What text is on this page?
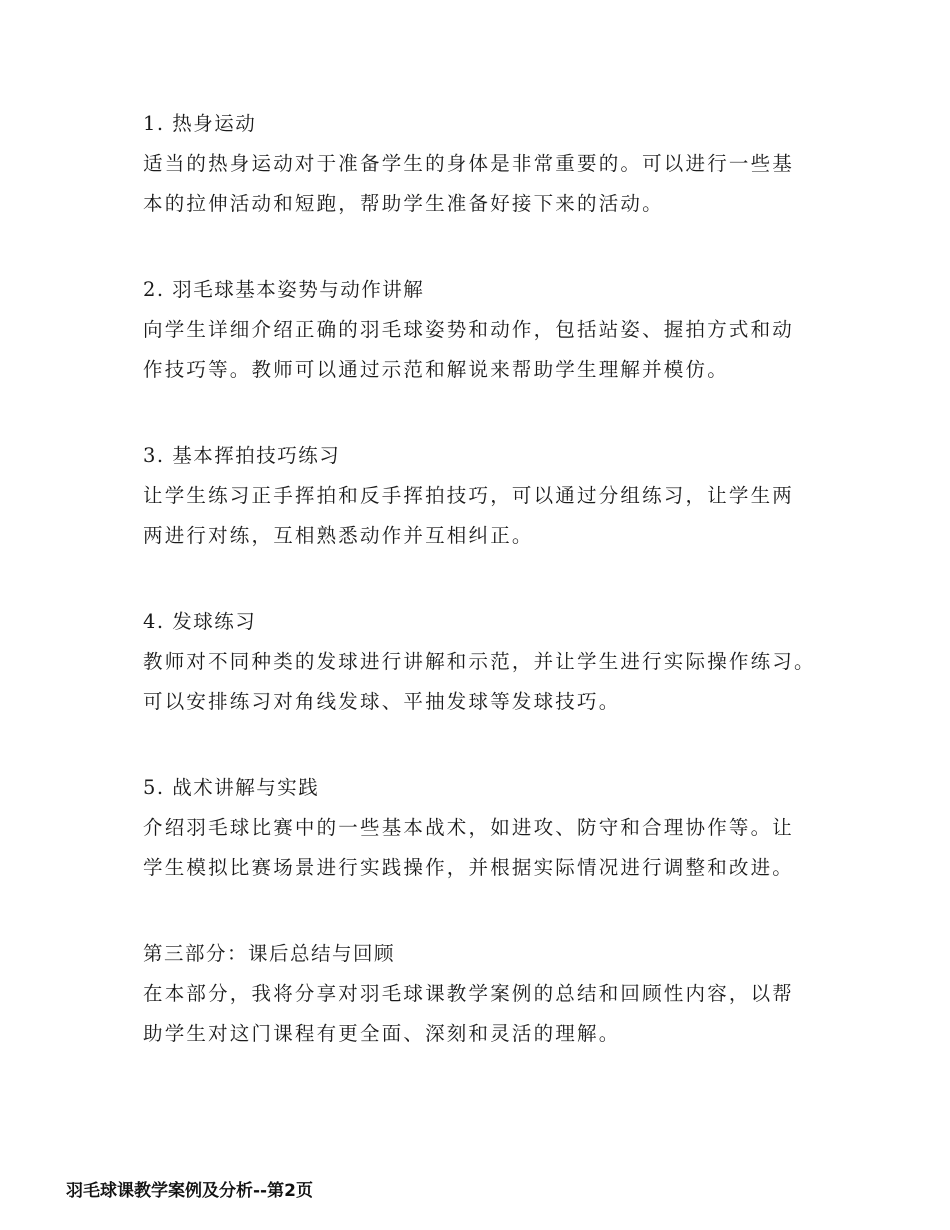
1. 热身运动
适当的热身运动对于准备学生的身体是非常重要的。可以进行一些基
本的拉伸活动和短跑，帮助学生准备好接下来的活动。
2. 羽毛球基本姿势与动作讲解
向学生详细介绍正确的羽毛球姿势和动作，包括站姿、握拍方式和动
作技巧等。教师可以通过示范和解说来帮助学生理解并模仿。
3. 基本挥拍技巧练习
让学生练习正手挥拍和反手挥拍技巧，可以通过分组练习，让学生两
两进行对练，互相熟悉动作并互相纠正。
4. 发球练习
教师对不同种类的发球进行讲解和示范，并让学生进行实际操作练习。
可以安排练习对角线发球、平抽发球等发球技巧。
5. 战术讲解与实践
介绍羽毛球比赛中的一些基本战术，如进攻、防守和合理协作等。让
学生模拟比赛场景进行实践操作，并根据实际情况进行调整和改进。
第三部分：课后总结与回顾
在本部分，我将分享对羽毛球课教学案例的总结和回顾性内容，以帮
助学生对这门课程有更全面、深刻和灵活的理解。
羽毛球课教学案例及分析--第2页
